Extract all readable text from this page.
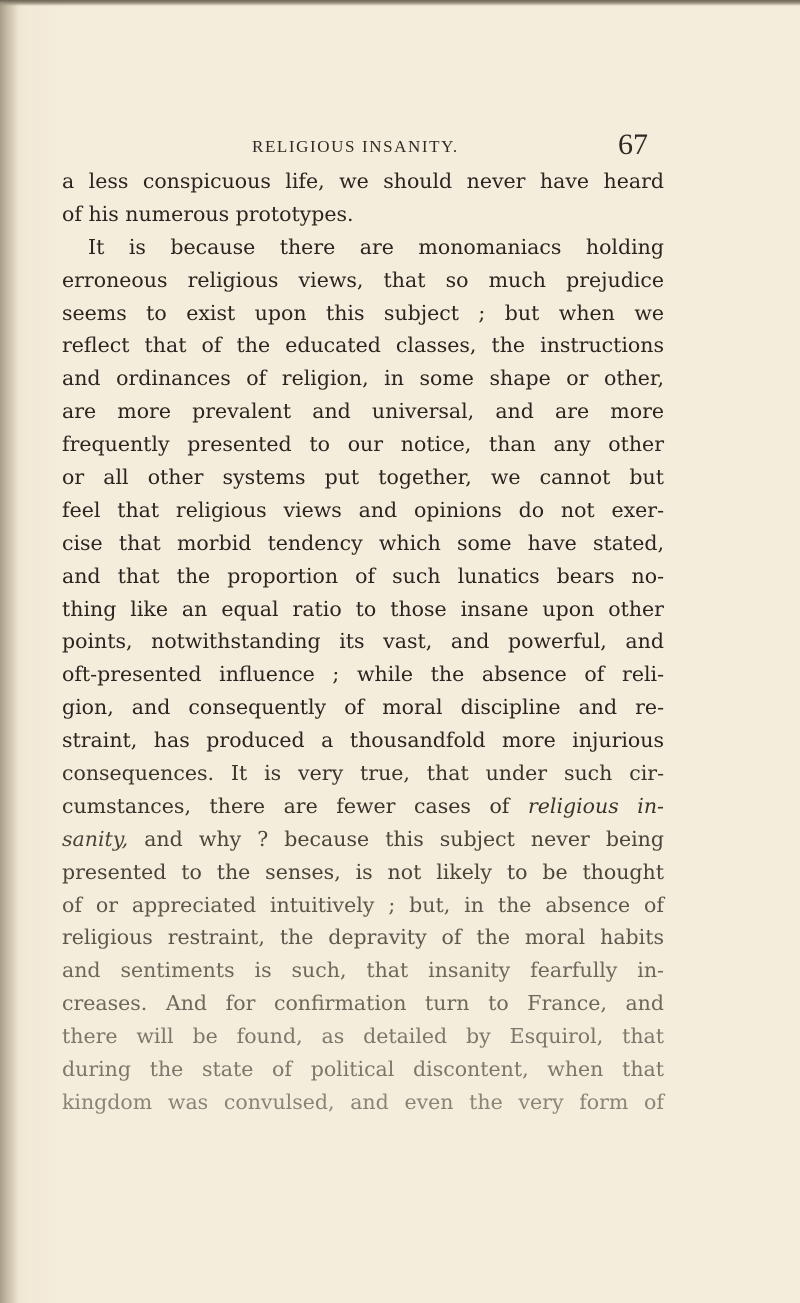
RELIGIOUS INSANITY.	67
a less conspicuous life, we should never have heard
of his numerous prototypes.
It is because there are monomaniacs holding
erroneous religious views, that so much prejudice
seems to exist upon this subject ; but when we
reflect that of the educated classes, the instructions
and ordinances of religion, in some shape or other,
are more prevalent and universal, and are more
frequently presented to our notice, than any other
or all other systems put together, we cannot but
feel that religious views and opinions do not exer-
cise that morbid tendency which some have stated,
and that the proportion of such lunatics bears no-
thing like an equal ratio to those insane upon other
points, notwithstanding its vast, and powerful, and
oft-presented influence ; while the absence of reli-
gion, and consequently of moral discipline and re-
straint, has produced a thousandfold more injurious
consequences. It is very true, that under such cir-
cumstances, there are fewer cases of religious in-
sanity, and why ? because this subject never being
presented to the senses, is not likely to be thought
of or appreciated intuitively ; but, in the absence of
religious restraint, the depravity of the moral habits
and sentiments is such, that insanity fearfully in-
creases. And for confirmation turn to France, and
there will be found, as detailed by Esquirol, that
during the state of political discontent, when that
kingdom was convulsed, and even the very form of
